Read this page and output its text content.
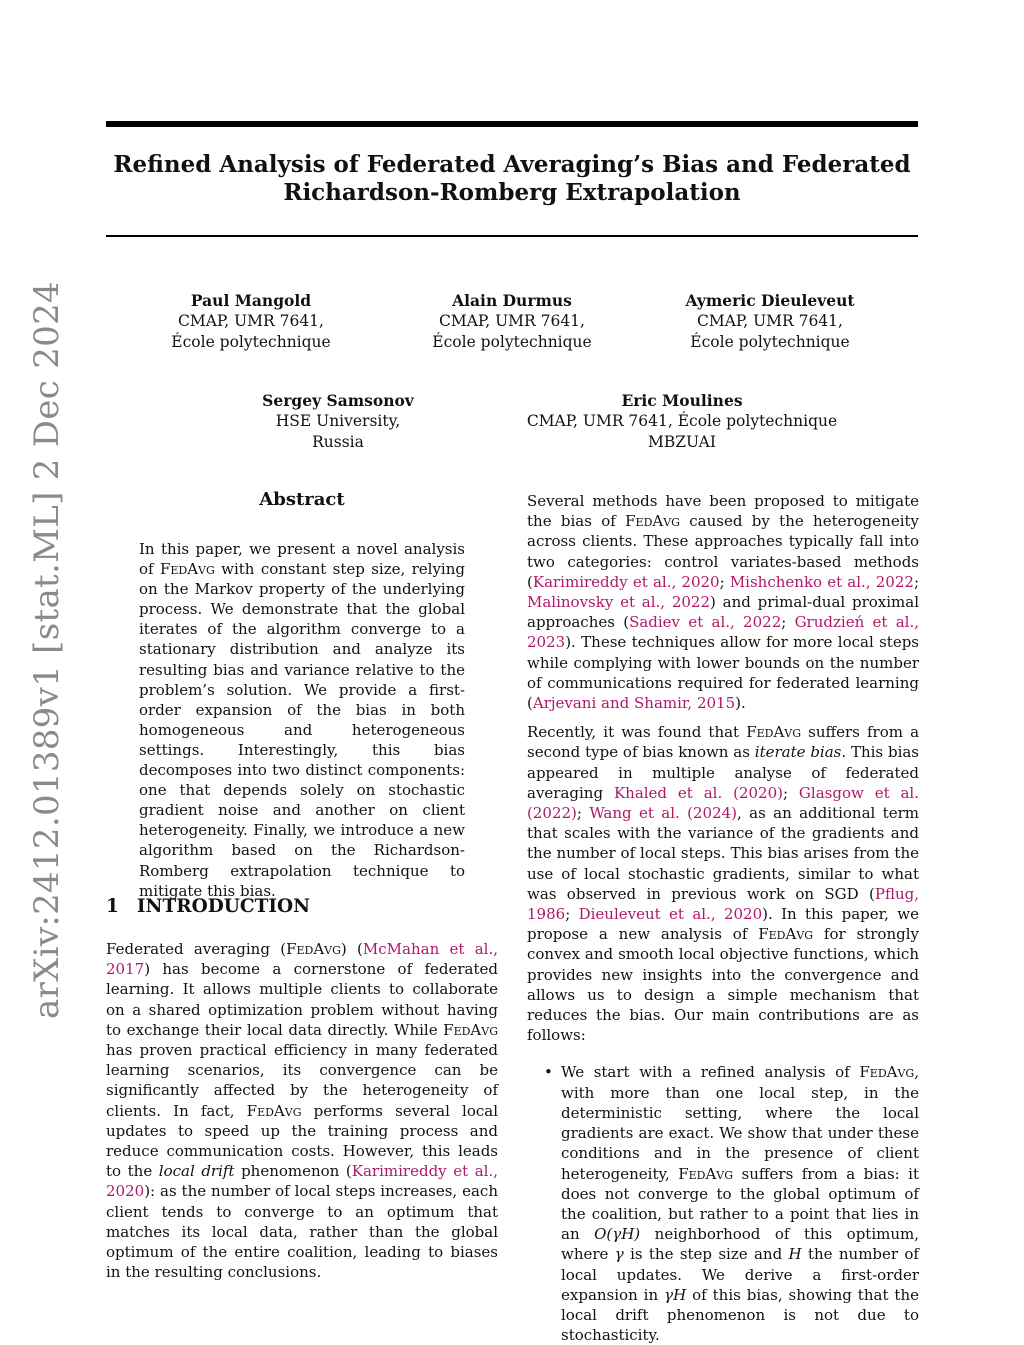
arXiv:2412.01389v1 [stat.ML] 2 Dec 2024
Refined Analysis of Federated Averaging’s Bias and Federated
Richardson-Romberg Extrapolation
Paul Mangold
CMAP, UMR 7641,
École polytechnique
Alain Durmus
CMAP, UMR 7641,
École polytechnique
Aymeric Dieuleveut
CMAP, UMR 7641,
École polytechnique
Sergey Samsonov
HSE University,
Russia
Eric Moulines
CMAP, UMR 7641, École polytechnique
MBZUAI
Abstract

In this paper, we present a novel analysis of FedAvg with constant step size, relying on the Markov property of the underlying process. We demonstrate that the global iterates of the algorithm converge to a stationary distribution and analyze its resulting bias and variance relative to the problem’s solution. We provide a first-order expansion of the bias in both homogeneous and heterogeneous settings. Interestingly, this bias decomposes into two distinct components: one that depends solely on stochastic gradient noise and another on client heterogeneity. Finally, we introduce a new algorithm based on the Richardson-Romberg extrapolation technique to mitigate this bias.

1 INTRODUCTION

Federated averaging (FedAvg) (McMahan et al., 2017) has become a cornerstone of federated learning. It allows multiple clients to collaborate on a shared optimization problem without having to exchange their local data directly. While FedAvg has proven practical efficiency in many federated learning scenarios, its convergence can be significantly affected by the heterogeneity of clients. In fact, FedAvg performs several local updates to speed up the training process and reduce communication costs. However, this leads to the local drift phenomenon (Karimireddy et al., 2020): as the number of local steps increases, each client tends to converge to an optimum that matches its local data, rather than the global optimum of the entire coalition, leading to biases in the resulting conclusions.

Several methods have been proposed to mitigate the bias of FedAvg caused by the heterogeneity across clients. These approaches typically fall into two categories: control variates-based methods (Karimireddy et al., 2020; Mishchenko et al., 2022; Malinovsky et al., 2022) and primal-dual proximal approaches (Sadiev et al., 2022; Grudzień et al., 2023). These techniques allow for more local steps while complying with lower bounds on the number of communications required for federated learning (Arjevani and Shamir, 2015).

Recently, it was found that FedAvg suffers from a second type of bias known as iterate bias. This bias appeared in multiple analyse of federated averaging Khaled et al. (2020); Glasgow et al. (2022); Wang et al. (2024), as an additional term that scales with the variance of the gradients and the number of local steps. This bias arises from the use of local stochastic gradients, similar to what was observed in previous work on SGD (Pflug, 1986; Dieuleveut et al., 2020). In this paper, we propose a new analysis of FedAvg for strongly convex and smooth local objective functions, which provides new insights into the convergence and allows us to design a simple mechanism that reduces the bias. Our main contributions are as follows:

• We start with a refined analysis of FedAvg, with more than one local step, in the deterministic setting, where the local gradients are exact. We show that under these conditions and in the presence of client heterogeneity, FedAvg suffers from a bias: it does not converge to the global optimum of the coalition, but rather to a point that lies in an O(γH) neighborhood of this optimum, where γ is the step size and H the number of local updates. We derive a first-order expansion in γH of this bias, showing that the local drift phenomenon is not due to stochasticity.
